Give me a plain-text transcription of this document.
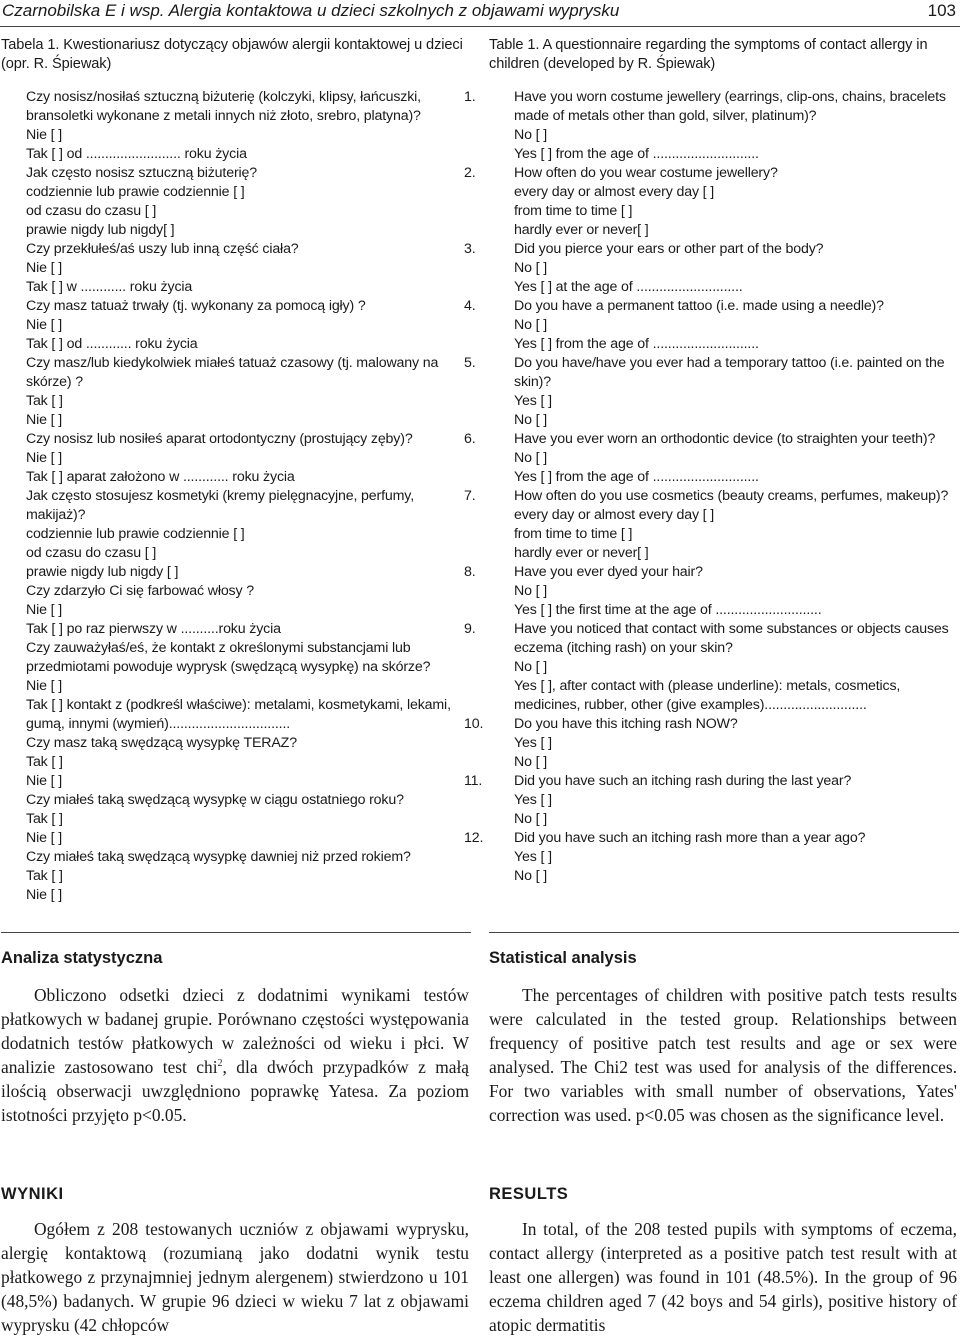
Czarnobilska E i wsp. Alergia kontaktowa u dzieci szkolnych z objawami wyprysku	103
Tabela 1. Kwestionariusz dotyczący objawów alergii kontaktowej u dzieci (opr. R. Śpiewak)
Czy nosisz/nosiłaś sztuczną biżuterię (kolczyki, klipsy, łańcuszki, bransoletki wykonane z metali innych niż złoto, srebro, platyna)?
Nie [ ]
Tak [ ] od ......................... roku życia
Jak często nosisz sztuczną biżuterię?
codziennie lub prawie codziennie [ ]
od czasu do czasu [ ]
prawie nigdy lub nigdy[ ]
Czy przekłułeś/aś uszy lub inną część ciała?
Nie [ ]
Tak [ ] w ............ roku życia
Czy masz tatuaż trwały (tj. wykonany za pomocą igły) ?
Nie [ ]
Tak [ ] od ............ roku życia
Czy masz/lub kiedykolwiek miałeś tatuaż czasowy (tj. malowany na skórze) ?
Tak [ ]
Nie [ ]
Czy nosisz lub nosiłeś aparat ortodontyczny (prostujący zęby)?
Nie [ ]
Tak [ ] aparat założono w ............ roku życia
Jak często stosujesz kosmetyki (kremy pielęgnacyjne, perfumy, makijaż)?
codziennie lub prawie codziennie [ ]
od czasu do czasu [ ]
prawie nigdy lub nigdy [ ]
Czy zdarzyło Ci się farbować włosy ?
Nie [ ]
Tak [ ] po raz pierwszy w ..........roku życia
Czy zauważyłaś/eś, że kontakt z określonymi substancjami lub przedmiotami powoduje wyprysk (swędzącą wysypkę) na skórze?
Nie [ ]
Tak [ ] kontakt z (podkreśl właściwe): metalami, kosmetykami, lekami, gumą, innymi (wymień)................................
Czy masz taką swędzącą wysypkę TERAZ?
Tak [ ]
Nie [ ]
Czy miałeś taką swędzącą wysypkę w ciągu ostatniego roku?
Tak [ ]
Nie [ ]
Czy miałeś taką swędzącą wysypkę dawniej niż przed rokiem?
Tak [ ]
Nie [ ]
Table 1. A questionnaire regarding the symptoms of contact allergy in children (developed by R. Śpiewak)
1.	Have you worn costume jewellery (earrings, clip-ons, chains, bracelets made of metals other than gold, silver, platinum)?
No [ ]
Yes [ ] from the age of ............................
2.	How often do you wear costume jewellery?
every day or almost every day [ ]
from time to time [ ]
hardly ever or never[ ]
3.	Did you pierce your ears or other part of the body?
No [ ]
Yes [ ] at the age of ............................
4.	Do you have a permanent tattoo (i.e. made using a needle)?
No [ ]
Yes [ ] from the age of ............................
5.	Do you have/have you ever had a temporary tattoo (i.e. painted on the skin)?
Yes [ ]
No [ ]
6.	Have you ever worn an orthodontic device (to straighten your teeth)?
No [ ]
Yes [ ] from the age of ............................
7.	How often do you use cosmetics (beauty creams, perfumes, makeup)?
every day or almost every day [ ]
from time to time [ ]
hardly ever or never[ ]
8.	Have you ever dyed your hair?
No [ ]
Yes [ ] the first time at the age of ............................
9.	Have you noticed that contact with some substances or objects causes eczema (itching rash) on your skin?
No [ ]
Yes [ ], after contact with (please underline): metals, cosmetics, medicines, rubber, other (give examples)...........................
10. Do you have this itching rash NOW?
Yes [ ]
No [ ]
11. Did you have such an itching rash during the last year?
Yes [ ]
No [ ]
12. Did you have such an itching rash more than a year ago?
Yes [ ]
No [ ]
Analiza statystyczna
Obliczono odsetki dzieci z dodatnimi wynikami testów płatkowych w badanej grupie. Porównano częstości występowania dodatnich testów płatkowych w zależności od wieku i płci. W analizie zastosowano test chi$^2$, dla dwóch przypadków z małą ilością obserwacji uwzględniono poprawkę Yatesa. Za poziom istotności przyjęto p<0.05.
Statistical analysis
The percentages of children with positive patch tests results were calculated in the tested group. Relationships between frequency of positive patch test results and age or sex were analysed. The Chi2 test was used for analysis of the differences. For two variables with small number of observations, Yates' correction was used. p<0.05 was chosen as the significance level.
WYNIKI
Ogółem z 208 testowanych uczniów z objawami wyprysku, alergię kontaktową (rozumianą jako dodatni wynik testu płatkowego z przynajmniej jednym alergenem) stwierdzono u 101 (48,5%) badanych. W grupie 96 dzieci w wieku 7 lat z objawami wyprysku (42 chłopców
RESULTS
In total, of the 208 tested pupils with symptoms of eczema, contact allergy (interpreted as a positive patch test result with at least one allergen) was found in 101 (48.5%). In the group of 96 eczema children aged 7 (42 boys and 54 girls), positive history of atopic dermatitis
